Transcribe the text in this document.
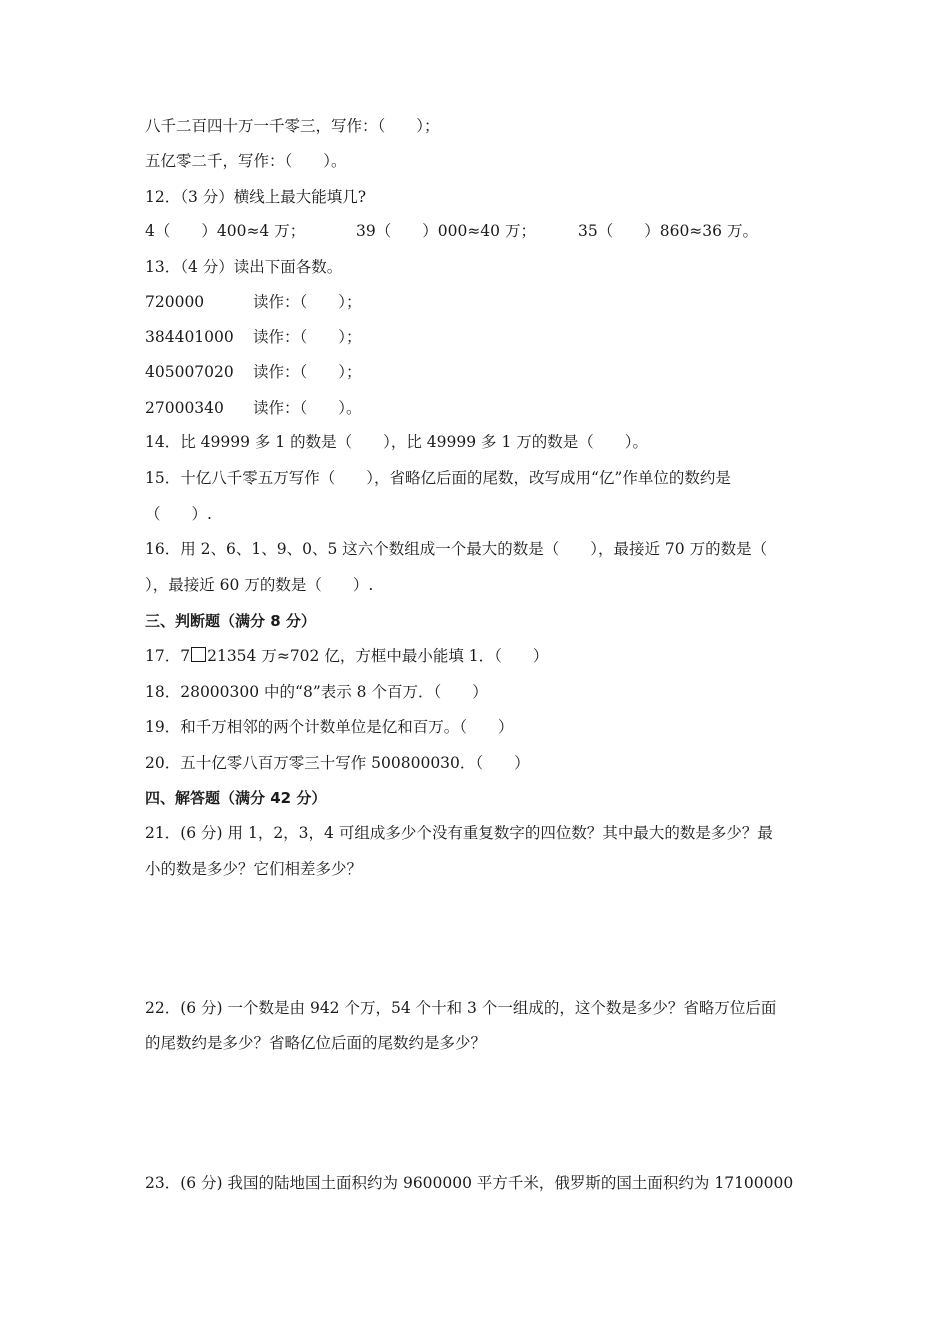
八千二百四十万一千零三，写作：（　　）；
五亿零二千，写作：（　　）。
12．（3 分）横线上最大能填几?
4（　　）400≈4 万；	39（　　）000≈40 万；	35（　　）860≈36 万。
13．（4 分）读出下面各数。
720000	读作：（　　）；
384401000 读作：（　　）；
405007020 读作：（　　）；
27000340 读作：（　　）。
14．比 49999 多 1 的数是（　　），比 49999 多 1 万的数是（　　）。
15．十亿八千零五万写作（　　），省略亿后面的尾数，改写成用“亿”作单位的数约是
（　　）.
16．用 2、6、1、9、0、5 这六个数组成一个最大的数是（　　），最接近 70 万的数是（
），最接近 60 万的数是（　　）.
三、判断题（满分 8 分）
17．7 21354 万≈702 亿，方框中最小能填 1．（　　）
18．28000300 中的“8”表示 8 个百万．（　　）
19．和千万相邻的两个计数单位是亿和百万。（　　）
20．五十亿零八百万零三十写作 500800030．（　　）
四、解答题（满分 42 分）
21．(6 分) 用 1，2，3，4 可组成多少个没有重复数字的四位数？其中最大的数是多少？最
小的数是多少？它们相差多少？
22．(6 分) 一个数是由 942 个万，54 个十和 3 个一组成的，这个数是多少？省略万位后面
的尾数约是多少？省略亿位后面的尾数约是多少？
23．(6 分) 我国的陆地国土面积约为 9600000 平方千米，俄罗斯的国土面积约为 17100000
